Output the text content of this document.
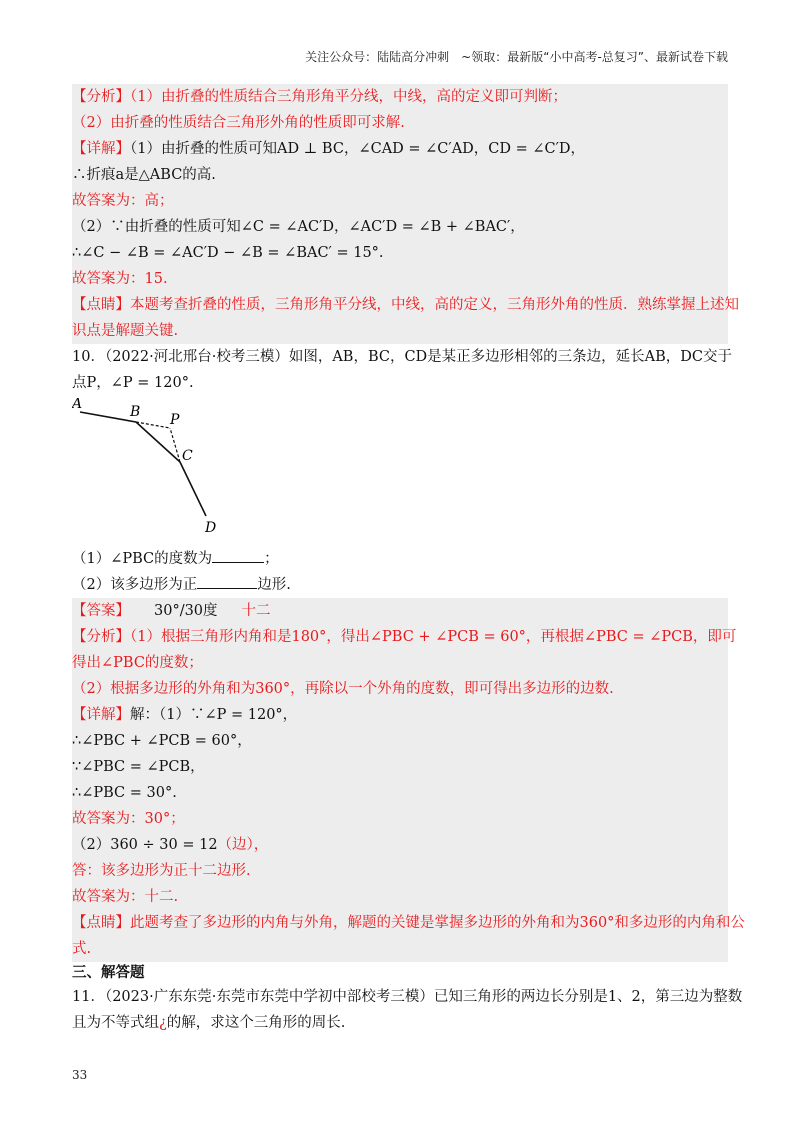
关注公众号：陆陆高分冲刺　~领取：最新版“小中高考-总复习”、最新试卷下载
【分析】（1）由折叠的性质结合三角形角平分线，中线，高的定义即可判断；
（2）由折叠的性质结合三角形外角的性质即可求解.
【详解】（1）由折叠的性质可知AD ⊥ BC，∠CAD = ∠C′AD，CD = ∠C′D，
∴折痕a是△ABC的高.
故答案为：高；
（2）∵由折叠的性质可知∠C = ∠AC′D，∠AC′D = ∠B + ∠BAC′，
∴∠C − ∠B = ∠AC′D − ∠B = ∠BAC′ = 15°.
故答案为：15.
【点睛】本题考查折叠的性质，三角形角平分线，中线，高的定义，三角形外角的性质．熟练掌握上述知
识点是解题关键.
10．（2022·河北邢台·校考三模）如图，AB，BC，CD是某正多边形相邻的三条边，延长AB，DC交于
点P，∠P = 120°.
A	B P
C
D
（1）∠PBC的度数为	；
（2）该多边形为正	边形.
【答案】 30°/30度 十二
【分析】（1）根据三角形内角和是180°，得出∠PBC + ∠PCB = 60°，再根据∠PBC = ∠PCB，即可
得出∠PBC的度数；
（2）根据多边形的外角和为360°，再除以一个外角的度数，即可得出多边形的边数.
【详解】解：（1）∵∠P = 120°，
∴∠PBC + ∠PCB = 60°，
∵∠PBC = ∠PCB，
∴∠PBC = 30°.
故答案为：30°；
（2）360 ÷ 30 = 12（边），
答：该多边形为正十二边形.
故答案为：十二.
【点睛】此题考查了多边形的内角与外角，解题的关键是掌握多边形的外角和为360°和多边形的内角和公
式.
三、解答题
11．（2023·广东东莞·东莞市东莞中学初中部校考三模）已知三角形的两边长分别是1、2，第三边为整数
且为不等式组¿的解，求这个三角形的周长.
33
